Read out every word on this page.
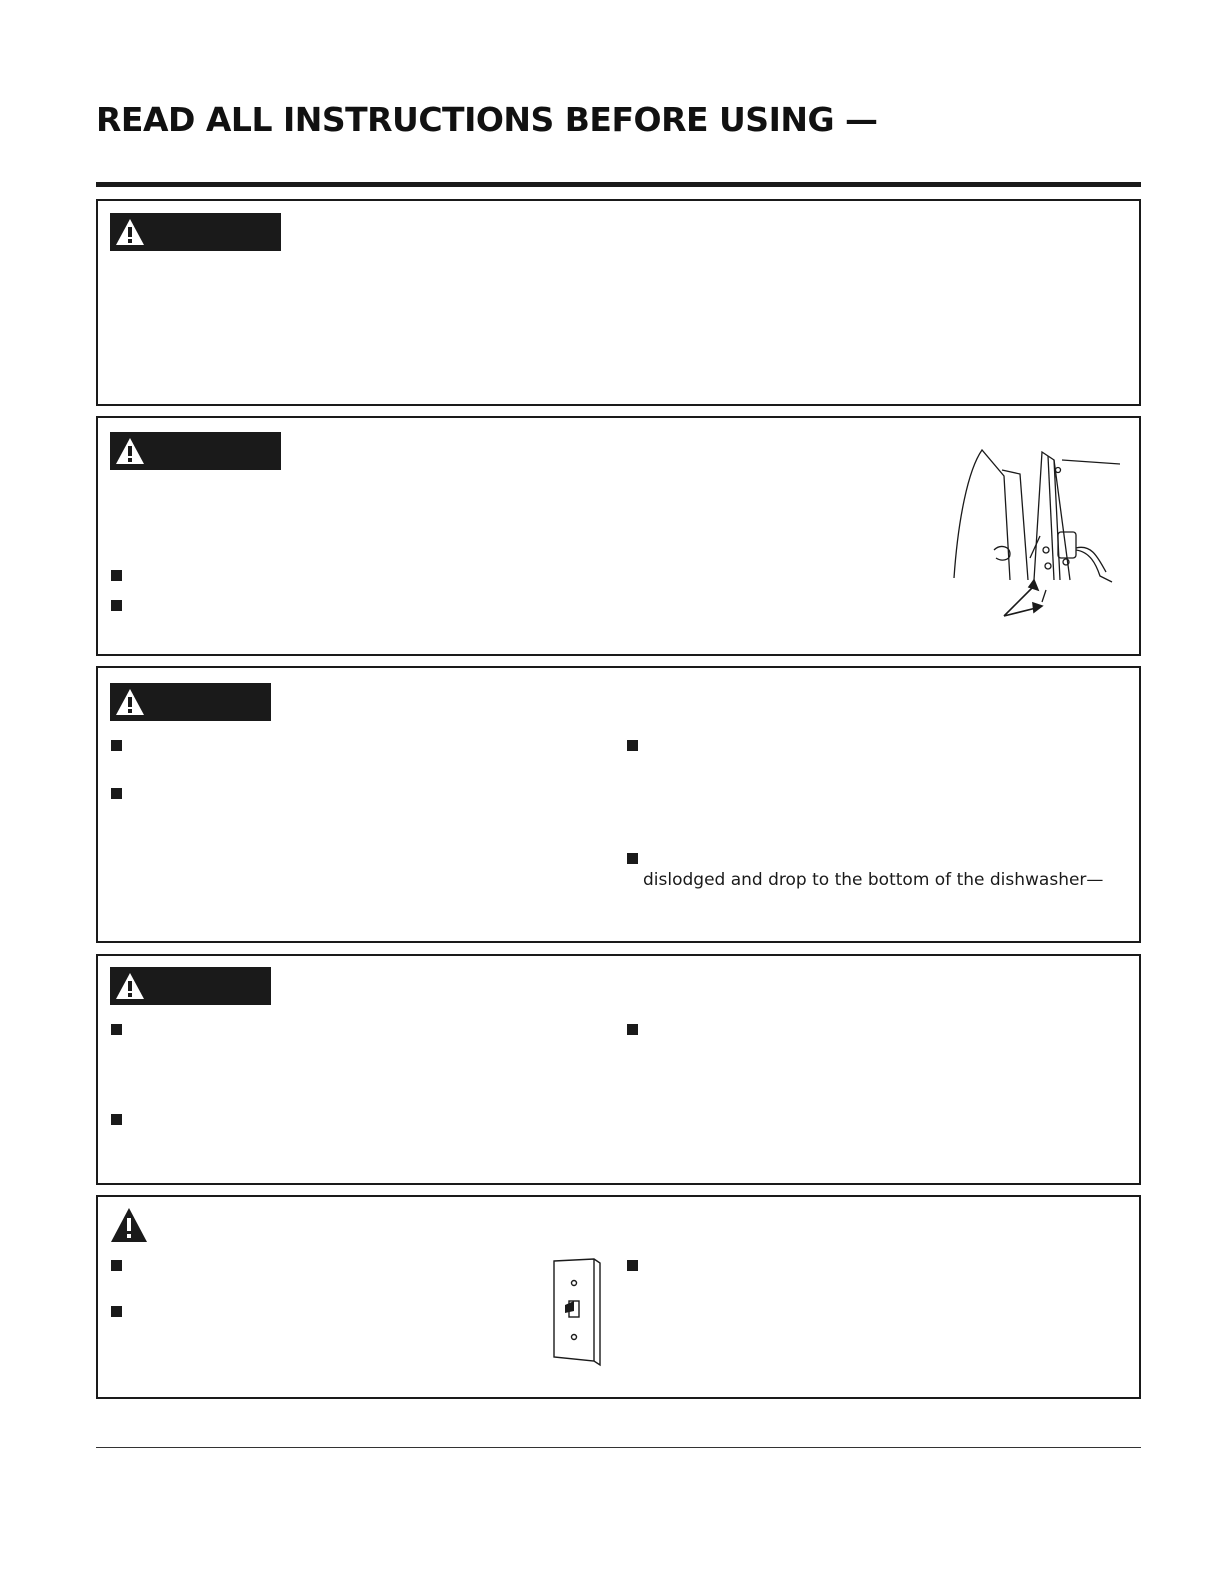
READ ALL INSTRUCTIONS BEFORE USING —

dislodged and drop to the bottom of the dishwasher—
